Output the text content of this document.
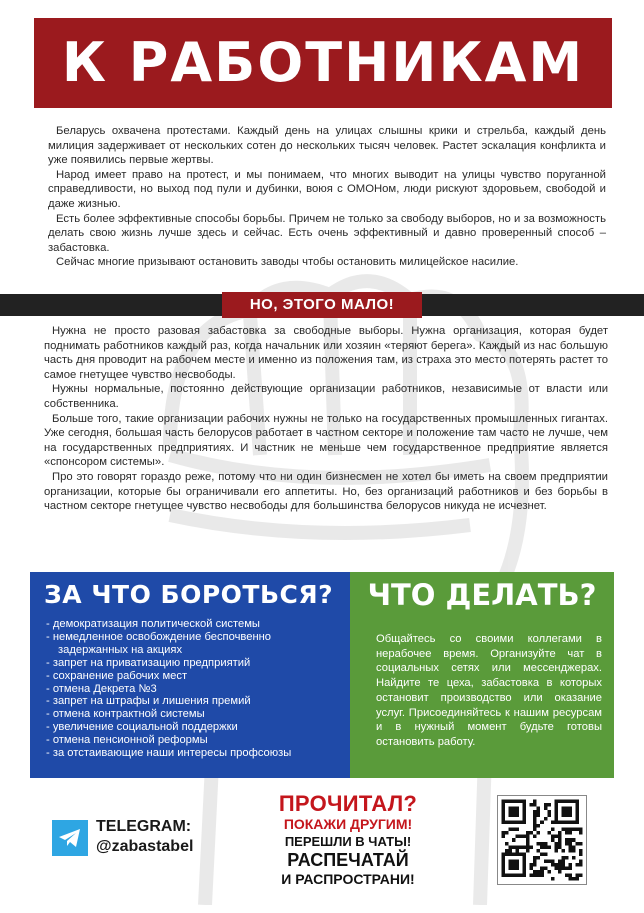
К РАБОТНИКАМ

Беларусь охвачена протестами. Каждый день на улицах слышны крики и стрельба, каждый день милиция задерживает от нескольких сотен до нескольких тысяч человек. Растет эскалация конфликта и уже появились первые жертвы.

Народ имеет право на протест, и мы понимаем, что многих выводит на улицы чувство поруганной справедливости, но выход под пули и дубинки, воюя с ОМОНом, люди рискуют здоровьем, свободой и даже жизнью.

Есть более эффективные способы борьбы. Причем не только за свободу выборов, но и за возможность делать свою жизнь лучше здесь и сейчас. Есть очень эффективный и давно проверенный способ – забастовка.

Сейчас многие призывают остановить заводы чтобы остановить милицейское насилие.

НО, ЭТОГО МАЛО!

Нужна не просто разовая забастовка за свободные выборы. Нужна организация, которая будет поднимать работников каждый раз, когда начальник или хозяин «теряют берега». Каждый из нас большую часть дня проводит на рабочем месте и именно из положения там, из страха это место потерять растет то самое гнетущее чувство несвободы.

Нужны нормальные, постоянно действующие организации работников, независимые от власти или собственника.

Больше того, такие организации рабочих нужны не только на государственных промышленных гигантах. Уже сегодня, большая часть белорусов работает в частном секторе и положение там часто не лучше, чем на государственных предприятиях. И частник не меньше чем государственное предприятие является «спонсором системы».

Про это говорят гораздо реже, потому что ни один бизнесмен не хотел бы иметь на своем предприятии организации, которые бы ограничивали его аппетиты. Но, без организаций работников и без борьбы в частном секторе гнетущее чувство несвободы для большинства белорусов никуда не исчезнет.

ЗА ЧТО БОРОТЬСЯ?
- демократизация политической системы
- немедленное освобождение беспочвенно
задержанных на акциях
- запрет на приватизацию предприятий
- сохранение рабочих мест
- отмена Декрета №3
- запрет на штрафы и лишения премий
- отмена контрактной системы
- увеличение социальной поддержки
- отмена пенсионной реформы
- за отстаивающие наши интересы профсоюзы
ЧТО ДЕЛАТЬ?

Общайтесь со своими коллегами в нерабочее время. Организуйте чат в социальных сетях или мессенджерах. Найдите те цеха, забастовка в которых остановит производство или оказание услуг. Присоединяйтесь к нашим ресурсам и в нужный момент будьте готовы остановить работу.

TELEGRAM:
@zabastabel
ПРОЧИТАЛ?
ПОКАЖИ ДРУГИМ!
ПЕРЕШЛИ В ЧАТЫ!
РАСПЕЧАТАЙ
И РАСПРОСТРАНИ!
